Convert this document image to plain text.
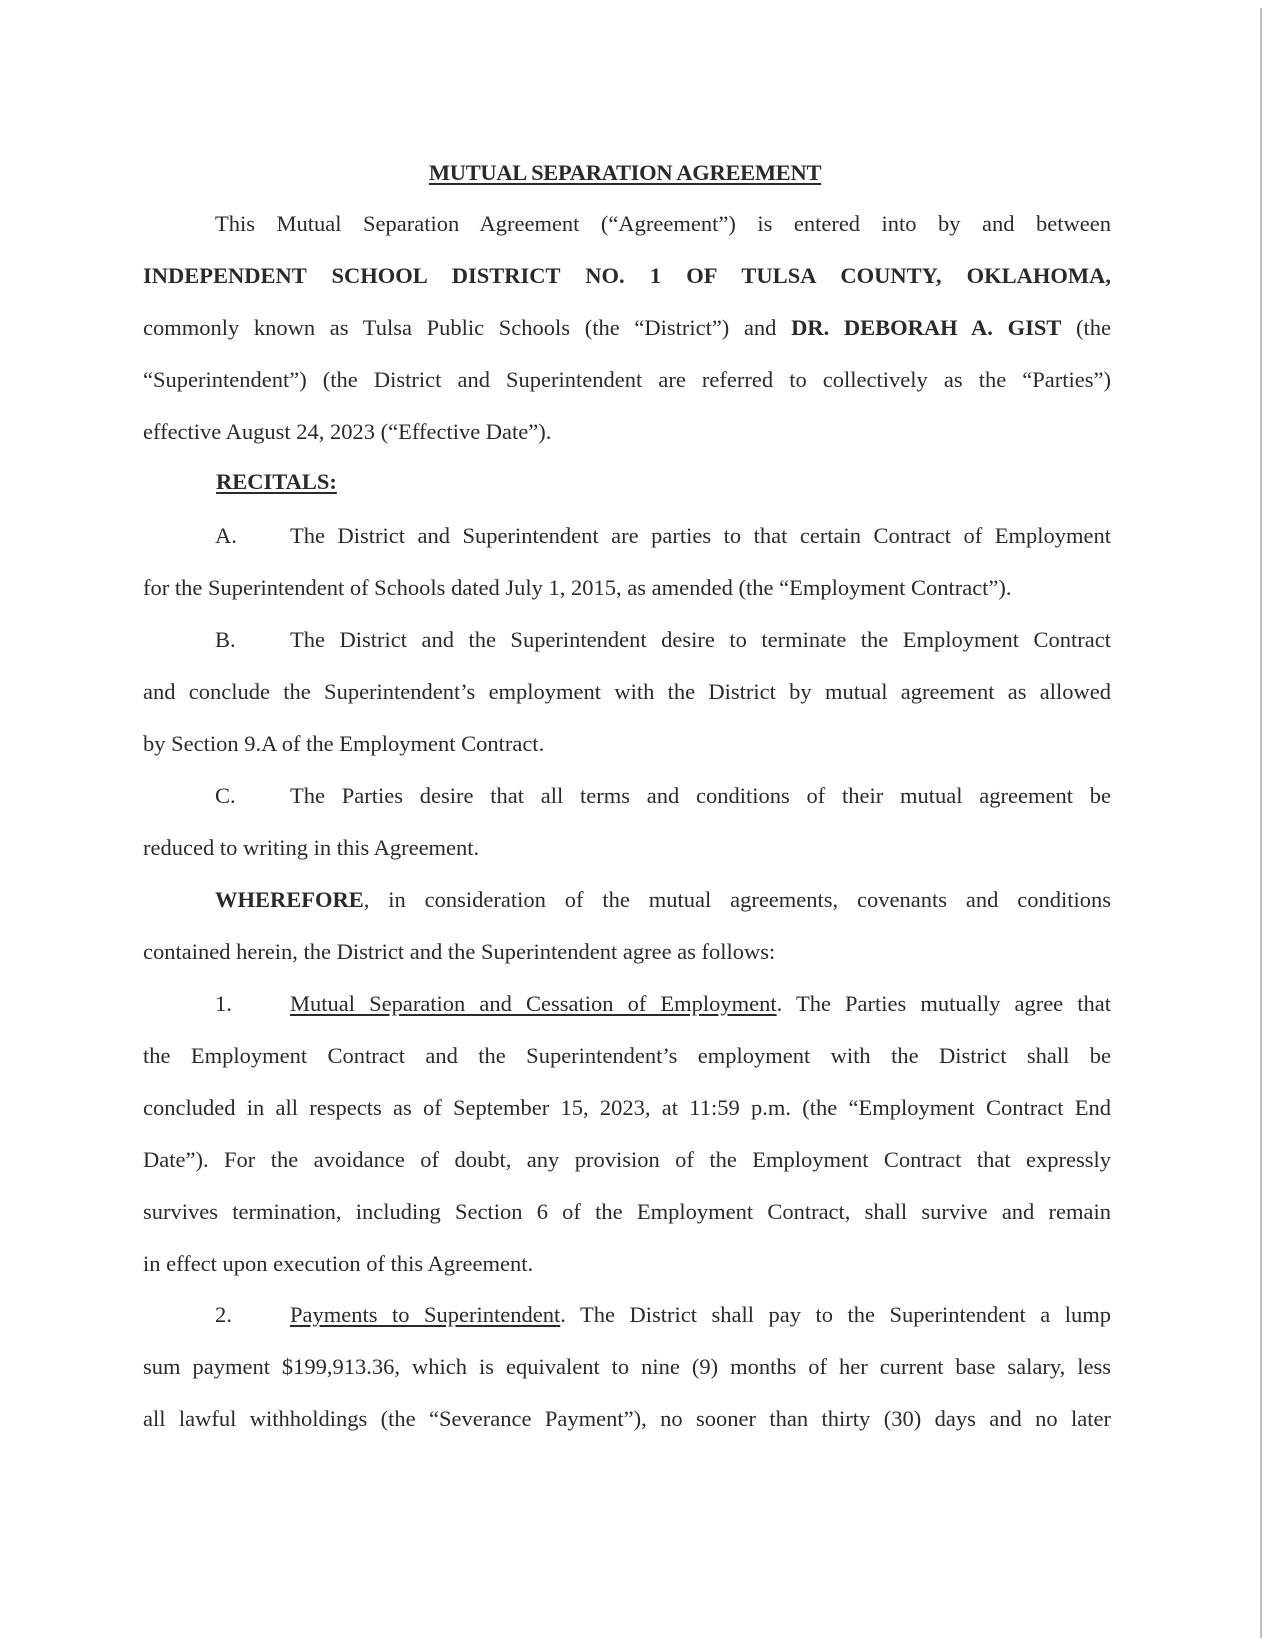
MUTUAL SEPARATION AGREEMENT
This Mutual Separation Agreement (“Agreement”) is entered into by and between
INDEPENDENT SCHOOL DISTRICT NO. 1 OF TULSA COUNTY, OKLAHOMA,
commonly known as Tulsa Public Schools (the “District”) and DR. DEBORAH A. GIST (the
“Superintendent”) (the District and Superintendent are referred to collectively as the “Parties”)
effective August 24, 2023 (“Effective Date”).
RECITALS:
A. The District and Superintendent are parties to that certain Contract of Employment
for the Superintendent of Schools dated July 1, 2015, as amended (the “Employment Contract”).
B. The District and the Superintendent desire to terminate the Employment Contract
and conclude the Superintendent’s employment with the District by mutual agreement as allowed
by Section 9.A of the Employment Contract.
C. The Parties desire that all terms and conditions of their mutual agreement be
reduced to writing in this Agreement.
WHEREFORE, in consideration of the mutual agreements, covenants and conditions
contained herein, the District and the Superintendent agree as follows:
1.	Mutual Separation and Cessation of Employment. The Parties mutually agree that
the Employment Contract and the Superintendent’s employment with the District shall be
concluded in all respects as of September 15, 2023, at 11:59 p.m. (the “Employment Contract End
Date”). For the avoidance of doubt, any provision of the Employment Contract that expressly
survives termination, including Section 6 of the Employment Contract, shall survive and remain
in effect upon execution of this Agreement.
2.	Payments to Superintendent. The District shall pay to the Superintendent a lump
sum payment $199,913.36, which is equivalent to nine (9) months of her current base salary, less
all lawful withholdings (the “Severance Payment”), no sooner than thirty (30) days and no later
